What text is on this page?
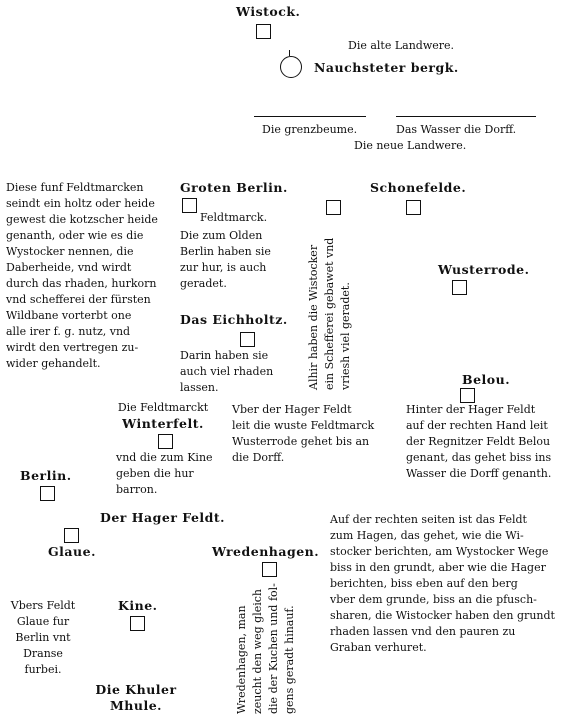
Wistock.
Die alte Landwere.
Nauchsteter bergk.
Die grenzbeume.	Das Wasser die Dorff.
Die neue Landwere.
Diese funf Feldtmarcken
seindt ein holtz oder heide
gewest die kotzscher heide
genanth, oder wie es die
Wystocker nennen, die
Daberheide, vnd wirdt
durch das rhaden, hurkorn
vnd schefferei der fürsten
Wildbane vorterbt one
alle irer f. g. nutz, vnd
wirdt den vertregen zu-
wider gehandelt.
Groten Berlin.
Feldtmarck.
Die zum Olden
Berlin haben sie
zur hur, is auch
geradet.
Das Eichholtz.
Darin haben sie
auch viel rhaden
lassen.	Alhir haben die Wistocker
ein Schefferei gebawet vnd
vriesh viel geradet.
Schonefelde.
Wusterrode.
Belou.
Hinter der Hager Feldt
auf der rechten Hand leit
der Regnitzer Feldt Belou
genant, das gehet biss ins
Wasser die Dorff genanth.
Vber der Hager Feldt
leit die wuste Feldtmarck
Wusterrode gehet bis an
die Dorff.
Die Feldtmarckt
Winterfelt.
vnd die zum Kine
geben die hur
barron.
Berlin.
Der Hager Feldt.
Glaue.
Auf der rechten seiten ist das Feldt
zum Hagen, das gehet, wie die Wi-
stocker berichten, am Wystocker Wege
biss in den grundt, aber wie die Hager
berichten, biss eben auf den berg
vber dem grunde, biss an die pfusch-
sharen, die Wistocker haben den grundt
rhaden lassen vnd den pauren zu
Graban verhuret.
Wredenhagen.
Wredenhagen, man
zeucht den weg gleich
die der Kuchen und fol-
gens geradt hinauf.
Vbers Feldt
Glaue fur
Berlin vnt
Dranse
furbei.
Kine.
Die Khuler
Mhule.
